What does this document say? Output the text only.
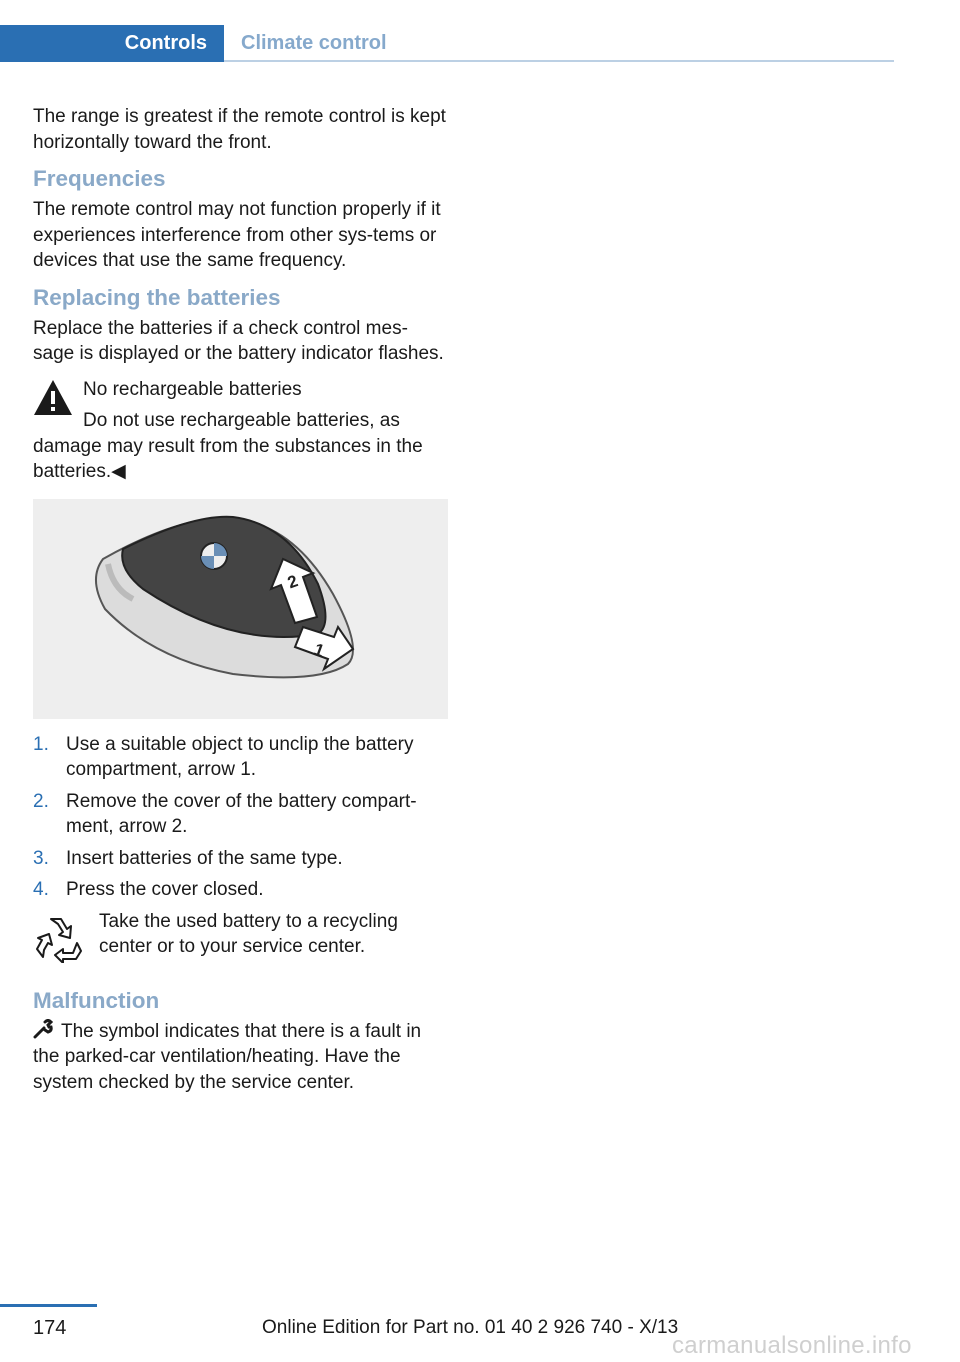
Controls	Climate control

The range is greatest if the remote control is kept horizontally toward the front.

Frequencies

The remote control may not function properly if it experiences interference from other sys‐tems or devices that use the same frequency.

Replacing the batteries

Replace the batteries if a check control mes‐sage is displayed or the battery indicator flashes.

No rechargeable batteries

Do not use rechargeable batteries, as damage may result from the substances in the batteries.◀

2
1
1. Use a suitable object to unclip the battery compartment, arrow 1.
2. Remove the cover of the battery compart‐ment, arrow 2.
3. Insert batteries of the same type.
4. Press the cover closed.

Take the used battery to a recycling center or to your service center.

Malfunction

The symbol indicates that there is a fault in the parked-car ventilation/heating. Have the system checked by the service center.

174	Online Edition for Part no. 01 40 2 926 740 - X/13
carmanualsonline.info
